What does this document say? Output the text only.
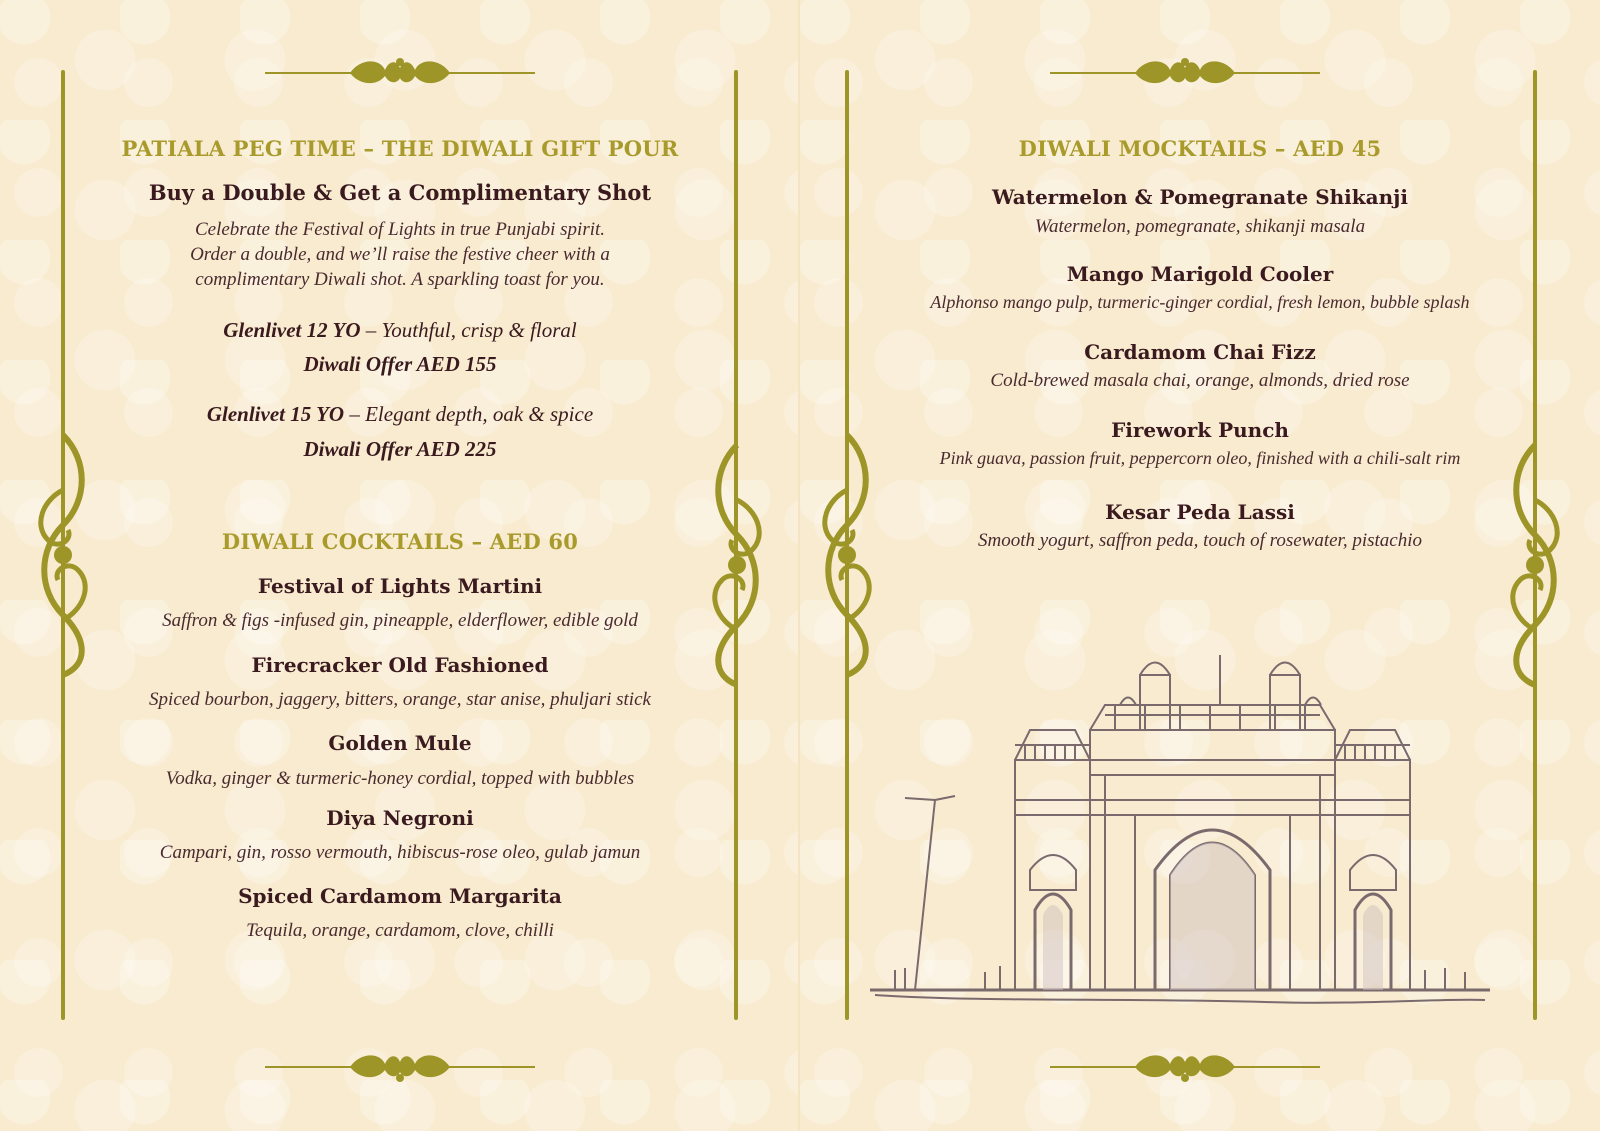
PATIALA PEG TIME – THE DIWALI GIFT POUR
Buy a Double & Get a Complimentary Shot
Celebrate the Festival of Lights in true Punjabi spirit.
Order a double, and we’ll raise the festive cheer with a
complimentary Diwali shot. A sparkling toast for you.
Glenlivet 12 YO – Youthful, crisp & floral
Diwali Offer AED 155
Glenlivet 15 YO – Elegant depth, oak & spice
Diwali Offer AED 225
DIWALI COCKTAILS – AED 60
Festival of Lights Martini
Saffron & figs -infused gin, pineapple, elderflower, edible gold
Firecracker Old Fashioned
Spiced bourbon, jaggery, bitters, orange, star anise, phuljari stick
Golden Mule
Vodka, ginger & turmeric-honey cordial, topped with bubbles
Diya Negroni
Campari, gin, rosso vermouth, hibiscus-rose oleo, gulab jamun
Spiced Cardamom Margarita
Tequila, orange, cardamom, clove, chilli
DIWALI MOCKTAILS – AED 45
Watermelon & Pomegranate Shikanji
Watermelon, pomegranate, shikanji masala
Mango Marigold Cooler
Alphonso mango pulp, turmeric-ginger cordial, fresh lemon, bubble splash
Cardamom Chai Fizz
Cold-brewed masala chai, orange, almonds, dried rose
Firework Punch
Pink guava, passion fruit, peppercorn oleo, finished with a chili-salt rim
Kesar Peda Lassi
Smooth yogurt, saffron peda, touch of rosewater, pistachio
